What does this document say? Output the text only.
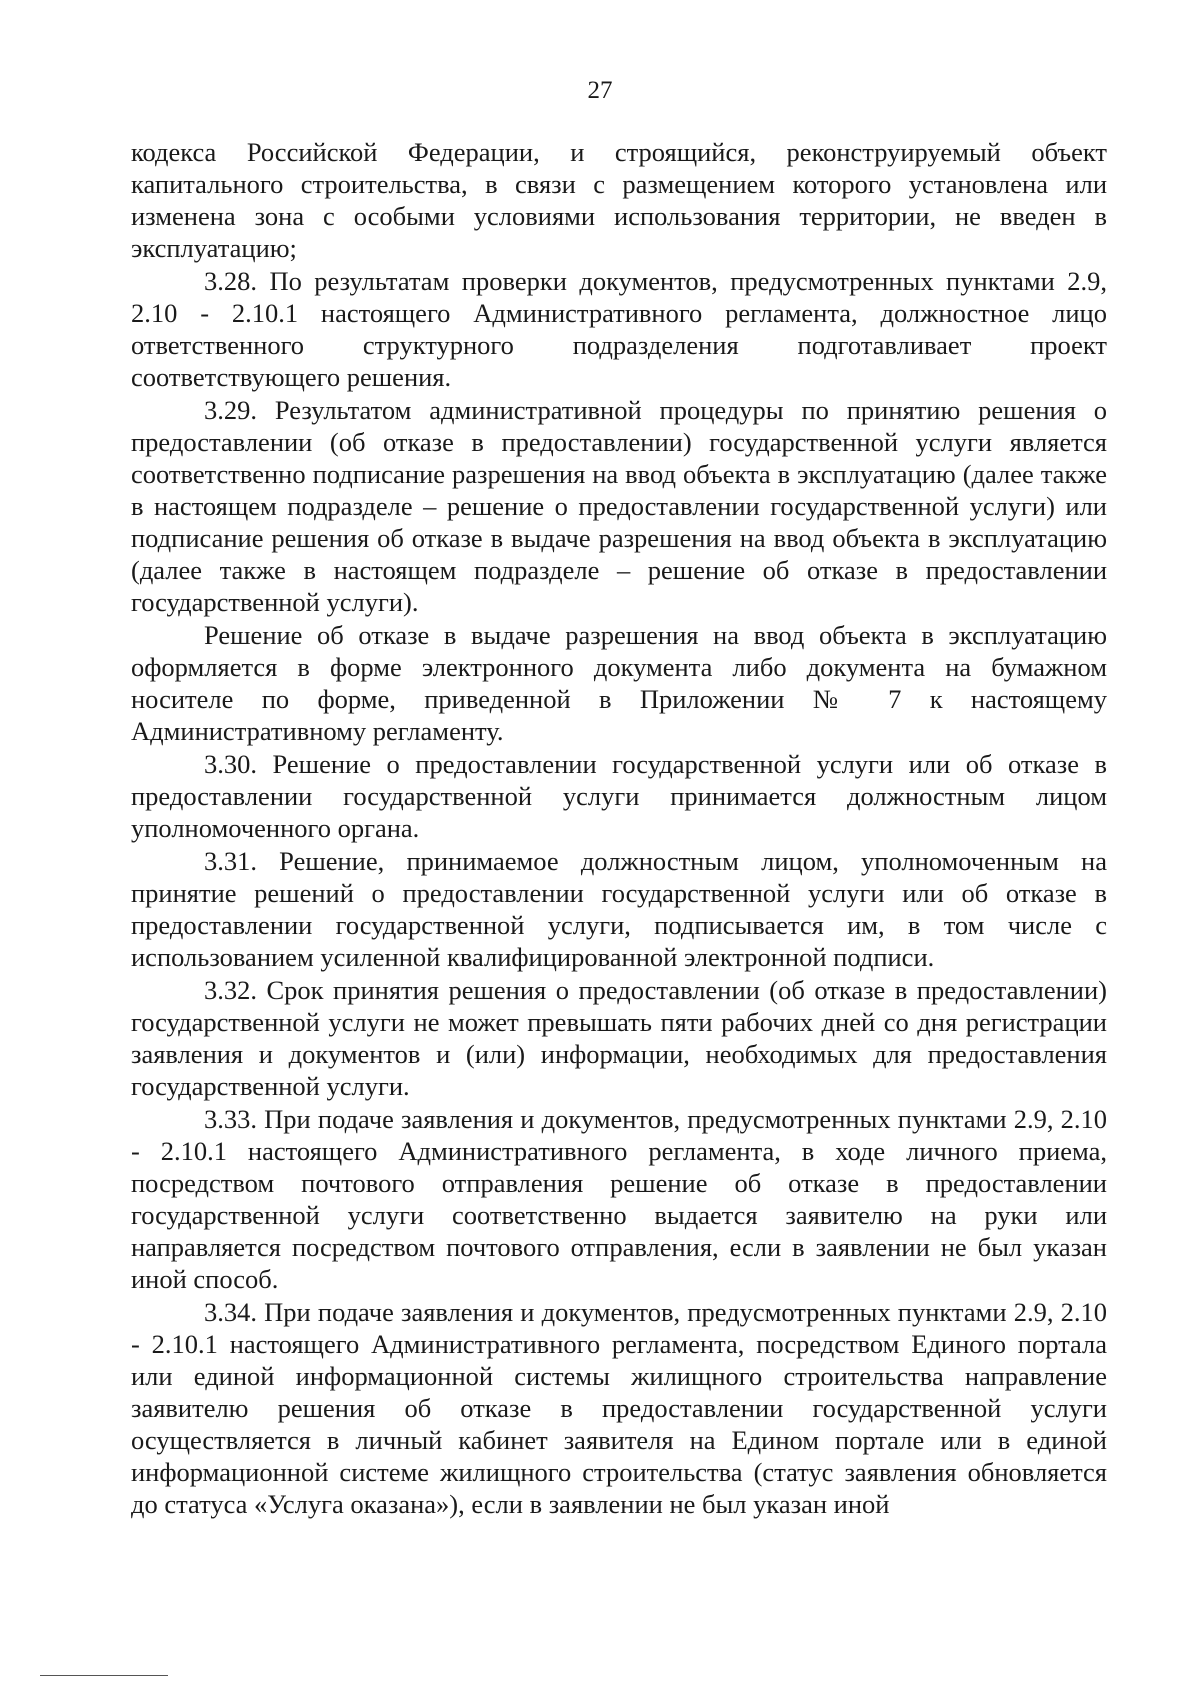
27

кодекса Российской Федерации, и строящийся, реконструируемый объект капитального строительства, в связи с размещением которого установлена или изменена зона с особыми условиями использования территории, не введен в эксплуатацию;

3.28. По результатам проверки документов, предусмотренных пунктами 2.9, 2.10 - 2.10.1 настоящего Административного регламента, должностное лицо ответственного структурного подразделения подготавливает проект соответствующего решения.

3.29. Результатом административной процедуры по принятию решения о предоставлении (об отказе в предоставлении) государственной услуги является соответственно подписание разрешения на ввод объекта в эксплуатацию (далее также в настоящем подразделе – решение о предоставлении государственной услуги) или подписание решения об отказе в выдаче разрешения на ввод объекта в эксплуатацию (далее также в настоящем подразделе – решение об отказе в предоставлении государственной услуги).

Решение об отказе в выдаче разрешения на ввод объекта в эксплуатацию оформляется в форме электронного документа либо документа на бумажном носителе по форме, приведенной в Приложении № 7 к настоящему Административному регламенту.

3.30. Решение о предоставлении государственной услуги или об отказе в предоставлении государственной услуги принимается должностным лицом уполномоченного органа.

3.31. Решение, принимаемое должностным лицом, уполномоченным на принятие решений о предоставлении государственной услуги или об отказе в предоставлении государственной услуги, подписывается им, в том числе с использованием усиленной квалифицированной электронной подписи.

3.32. Срок принятия решения о предоставлении (об отказе в предоставлении) государственной услуги не может превышать пяти рабочих дней со дня регистрации заявления и документов и (или) информации, необходимых для предоставления государственной услуги.

3.33. При подаче заявления и документов, предусмотренных пунктами 2.9, 2.10 - 2.10.1 настоящего Административного регламента, в ходе личного приема, посредством почтового отправления решение об отказе в предоставлении государственной услуги соответственно выдается заявителю на руки или направляется посредством почтового отправления, если в заявлении не был указан иной способ.

3.34. При подаче заявления и документов, предусмотренных пунктами 2.9, 2.10 - 2.10.1 настоящего Административного регламента, посредством Единого портала или единой информационной системы жилищного строительства направление заявителю решения об отказе в предоставлении государственной услуги осуществляется в личный кабинет заявителя на Едином портале или в единой информационной системе жилищного строительства (статус заявления обновляется до статуса «Услуга оказана»), если в заявлении не был указан иной
